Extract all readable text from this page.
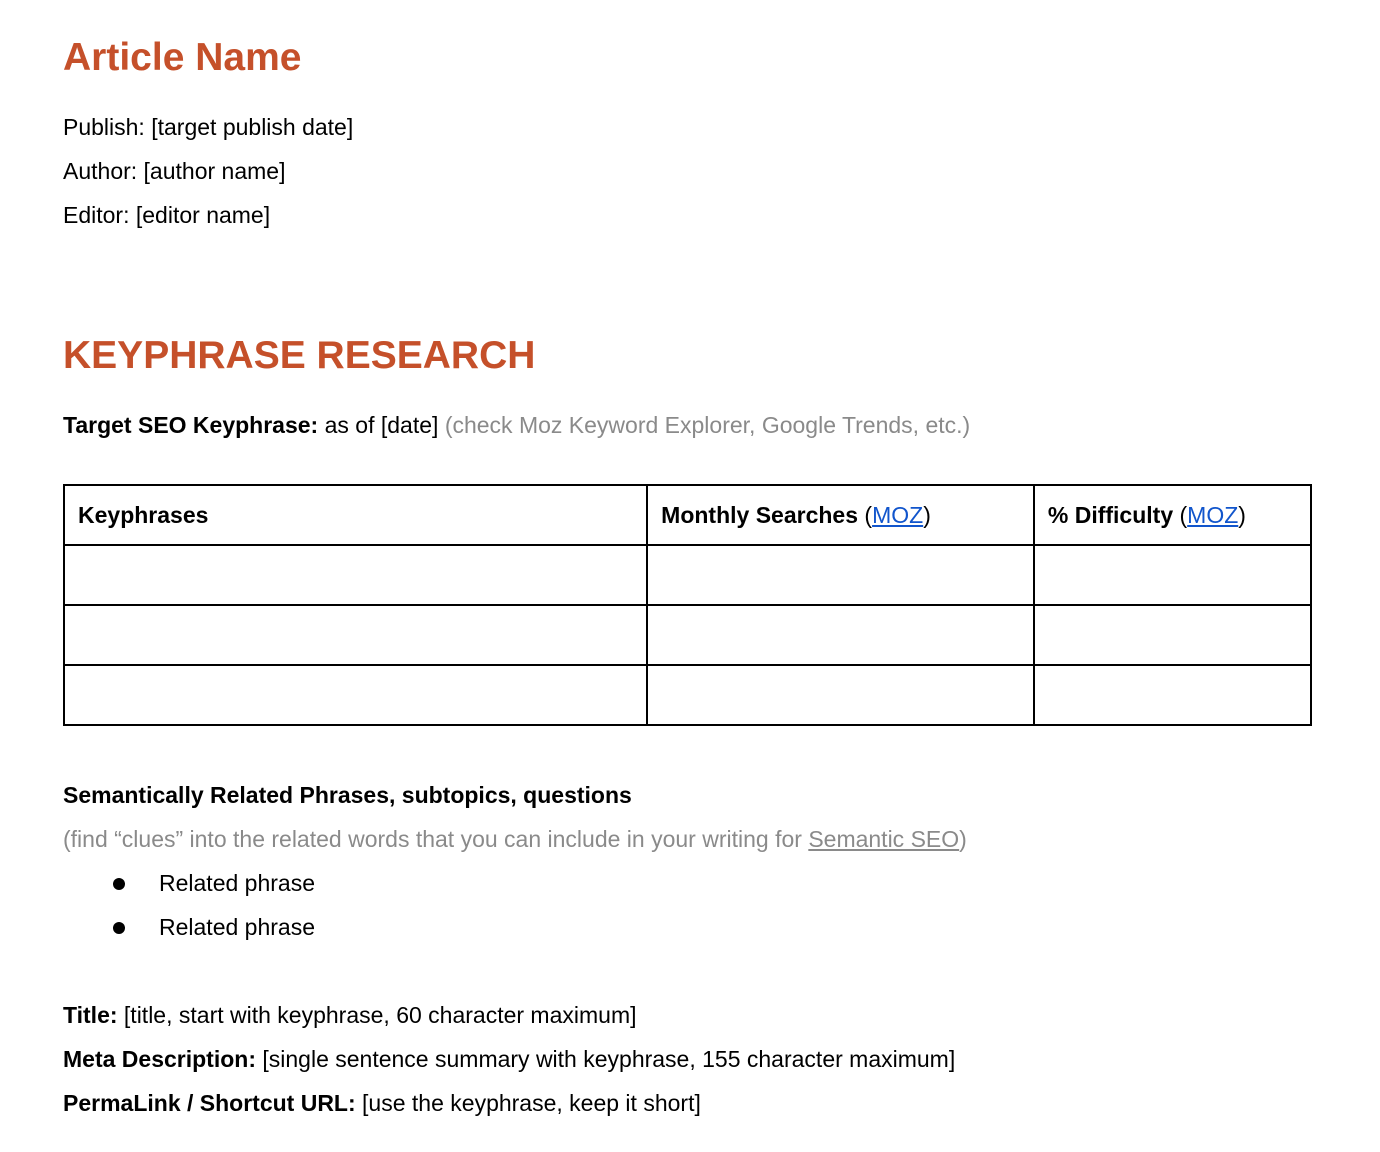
Article Name
Publish: [target publish date]
Author: [author name]
Editor: [editor name]
KEYPHRASE RESEARCH
Target SEO Keyphrase: as of [date] (check Moz Keyword Explorer, Google Trends, etc.)
Keyphrases	Monthly Searches (MOZ)	% Difficulty (MOZ)

Semantically Related Phrases, subtopics, questions
(find “clues” into the related words that you can include in your writing for Semantic SEO)
Related phrase
Related phrase
Title: [title, start with keyphrase, 60 character maximum]
Meta Description: [single sentence summary with keyphrase, 155 character maximum]
PermaLink / Shortcut URL: [use the keyphrase, keep it short]
